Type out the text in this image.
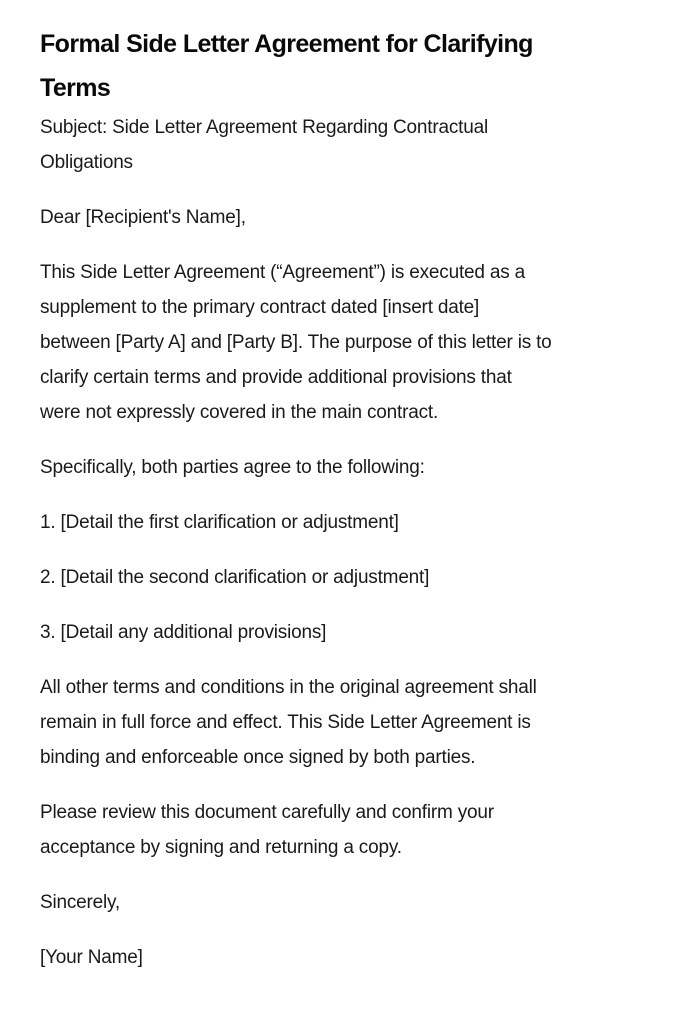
Formal Side Letter Agreement for Clarifying
Terms

Subject: Side Letter Agreement Regarding Contractual
Obligations

Dear [Recipient's Name],

This Side Letter Agreement (“Agreement”) is executed as a
supplement to the primary contract dated [insert date]
between [Party A] and [Party B]. The purpose of this letter is to
clarify certain terms and provide additional provisions that
were not expressly covered in the main contract.

Specifically, both parties agree to the following:

1. [Detail the first clarification or adjustment]

2. [Detail the second clarification or adjustment]

3. [Detail any additional provisions]

All other terms and conditions in the original agreement shall
remain in full force and effect. This Side Letter Agreement is
binding and enforceable once signed by both parties.

Please review this document carefully and confirm your
acceptance by signing and returning a copy.

Sincerely,

[Your Name]
